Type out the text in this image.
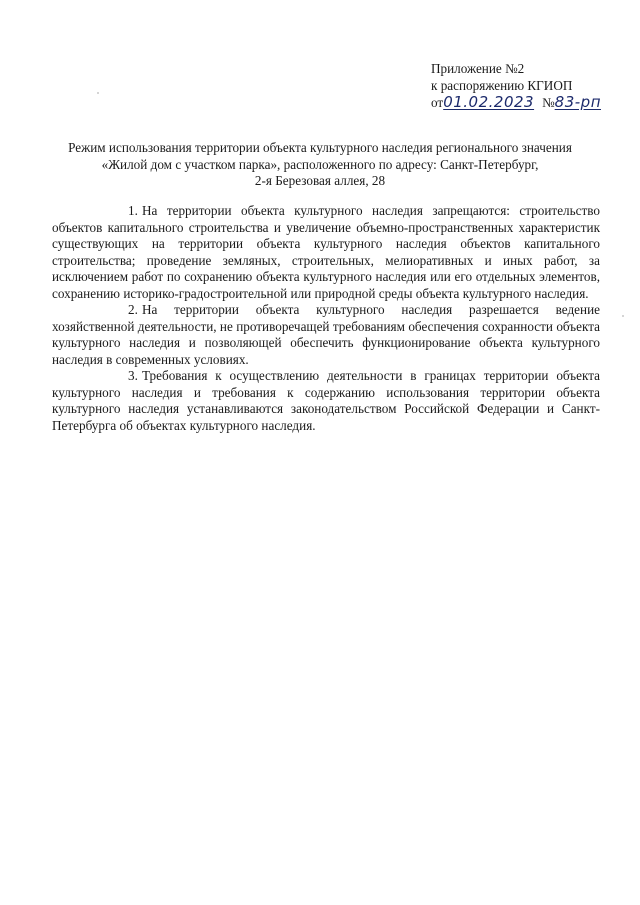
Приложение №2
к распоряжению КГИОП
от01.02.2023 №83-рп
Режим использования территории объекта культурного наследия регионального значения
«Жилой дом с участком парка», расположенного по адресу: Санкт-Петербург,
2-я Березовая аллея, 28

1. На территории объекта культурного наследия запрещаются: строительство объектов капитального строительства и увеличение объемно-пространственных характеристик существующих на территории объекта культурного наследия объектов капитального строительства; проведение земляных, строительных, мелиоративных и иных работ, за исключением работ по сохранению объекта культурного наследия или его отдельных элементов, сохранению историко-градостроительной или природной среды объекта культурного наследия.

2. На территории объекта культурного наследия разрешается ведение хозяйственной деятельности, не противоречащей требованиям обеспечения сохранности объекта культурного наследия и позволяющей обеспечить функционирование объекта культурного наследия в современных условиях.

3. Требования к осуществлению деятельности в границах территории объекта культурного наследия и требования к содержанию использования территории объекта культурного наследия устанавливаются законодательством Российской Федерации и Санкт-Петербурга об объектах культурного наследия.
